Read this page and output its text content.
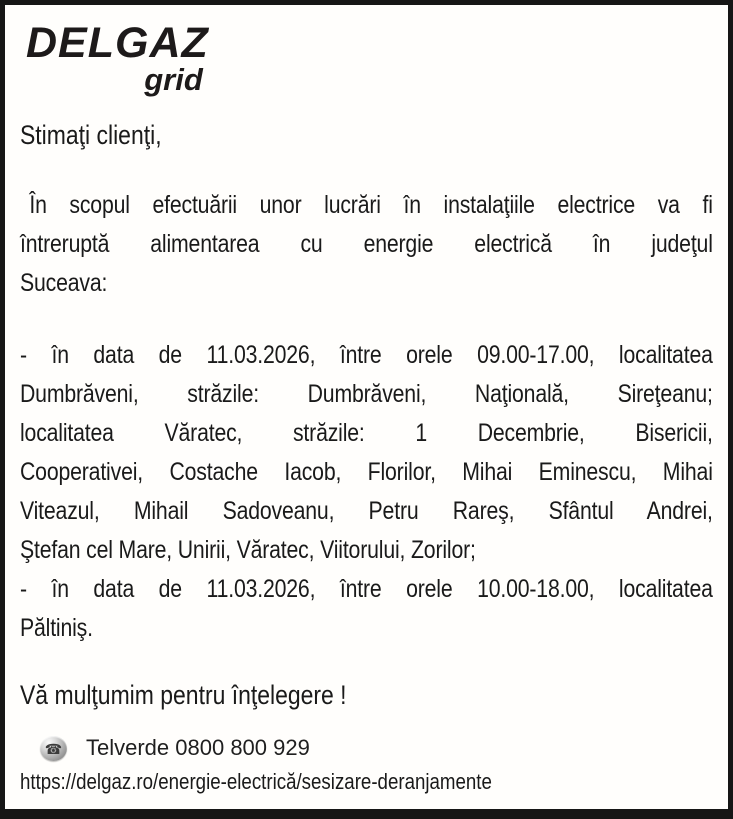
DELGAZ
grid

Stimaţi clienţi,

În scopul efectuării unor lucrări în instalaţiile electrice va fi
întreruptă alimentarea cu energie electrică în judeţul
Suceava:
- în data de 11.03.2026, între orele 09.00-17.00, localitatea
Dumbrăveni, străzile: Dumbrăveni, Naţională, Sireţeanu;
localitatea Văratec, străzile: 1 Decembrie, Bisericii,
Cooperativei, Costache Iacob, Florilor, Mihai Eminescu, Mihai
Viteazul, Mihail Sadoveanu, Petru Rareş, Sfântul Andrei,
Ştefan cel Mare, Unirii, Văratec, Viitorului, Zorilor;
- în data de 11.03.2026, între orele 10.00-18.00, localitatea
Păltiniş.

Vă mulţumim pentru înţelegere !

☎ Telverde 0800 800 929
https://delgaz.ro/energie-electrică/sesizare-deranjamente
